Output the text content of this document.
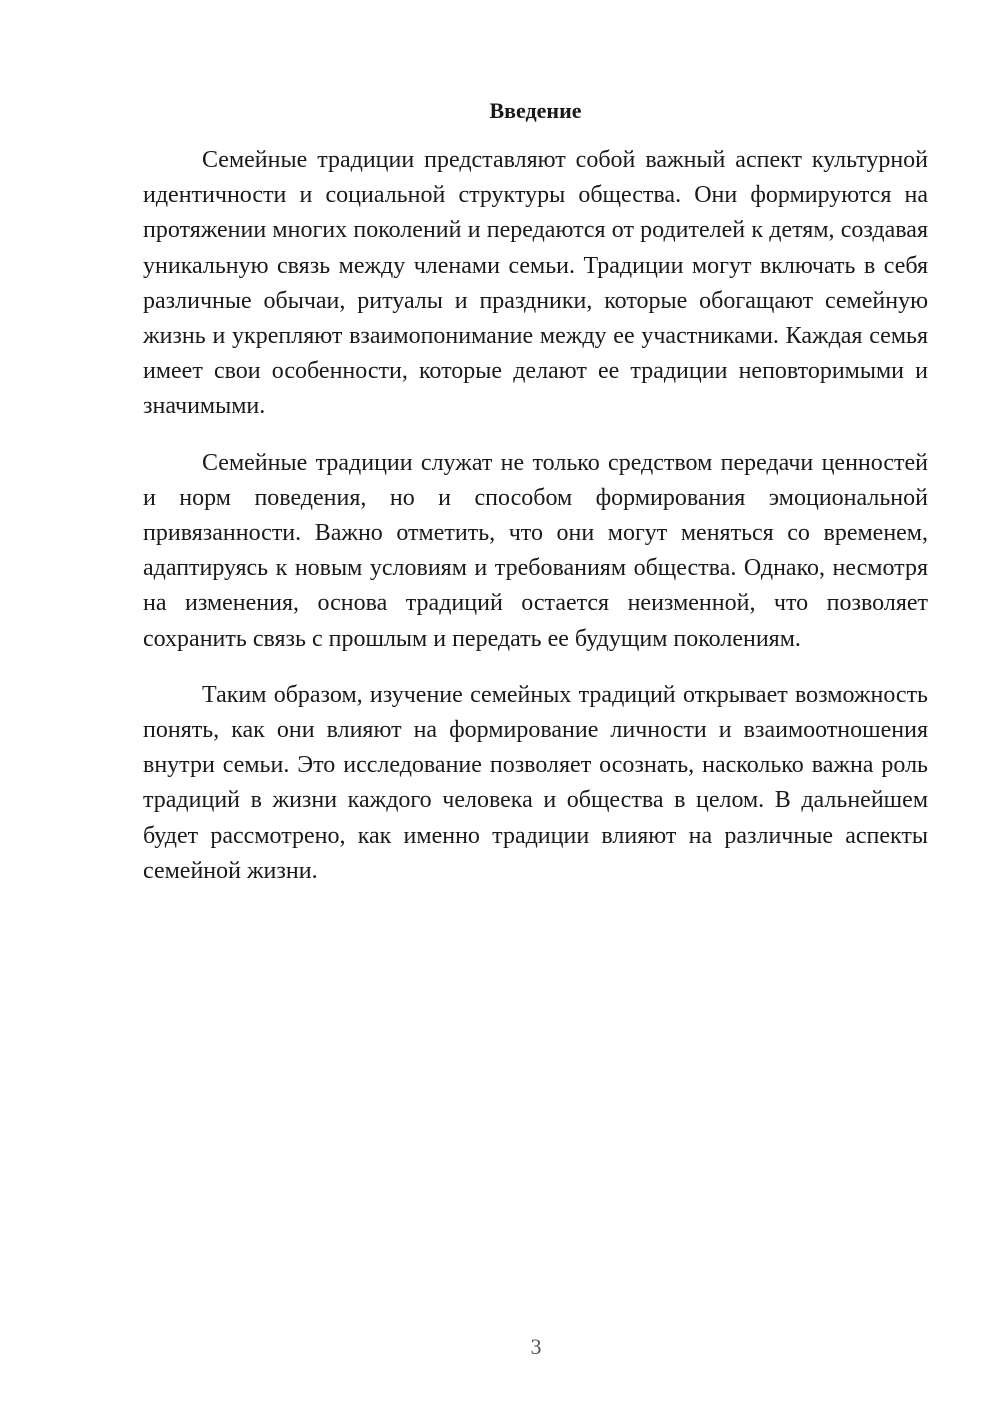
Введение

Семейные традиции представляют собой важный аспект культурной идентичности и социальной структуры общества. Они формируются на протяжении многих поколений и передаются от родителей к детям, создавая уникальную связь между членами семьи. Традиции могут включать в себя различные обычаи, ритуалы и праздники, которые обогащают семейную жизнь и укрепляют взаимопонимание между ее участниками. Каждая семья имеет свои особенности, которые делают ее традиции неповторимыми и значимыми.

Семейные традиции служат не только средством передачи ценностей и норм поведения, но и способом формирования эмоциональной привязанности. Важно отметить, что они могут меняться со временем, адаптируясь к новым условиям и требованиям общества. Однако, несмотря на изменения, основа традиций остается неизменной, что позволяет сохранить связь с прошлым и передать ее будущим поколениям.

Таким образом, изучение семейных традиций открывает возможность понять, как они влияют на формирование личности и взаимоотношения внутри семьи. Это исследование позволяет осознать, насколько важна роль традиций в жизни каждого человека и общества в целом. В дальнейшем будет рассмотрено, как именно традиции влияют на различные аспекты семейной жизни.

3
